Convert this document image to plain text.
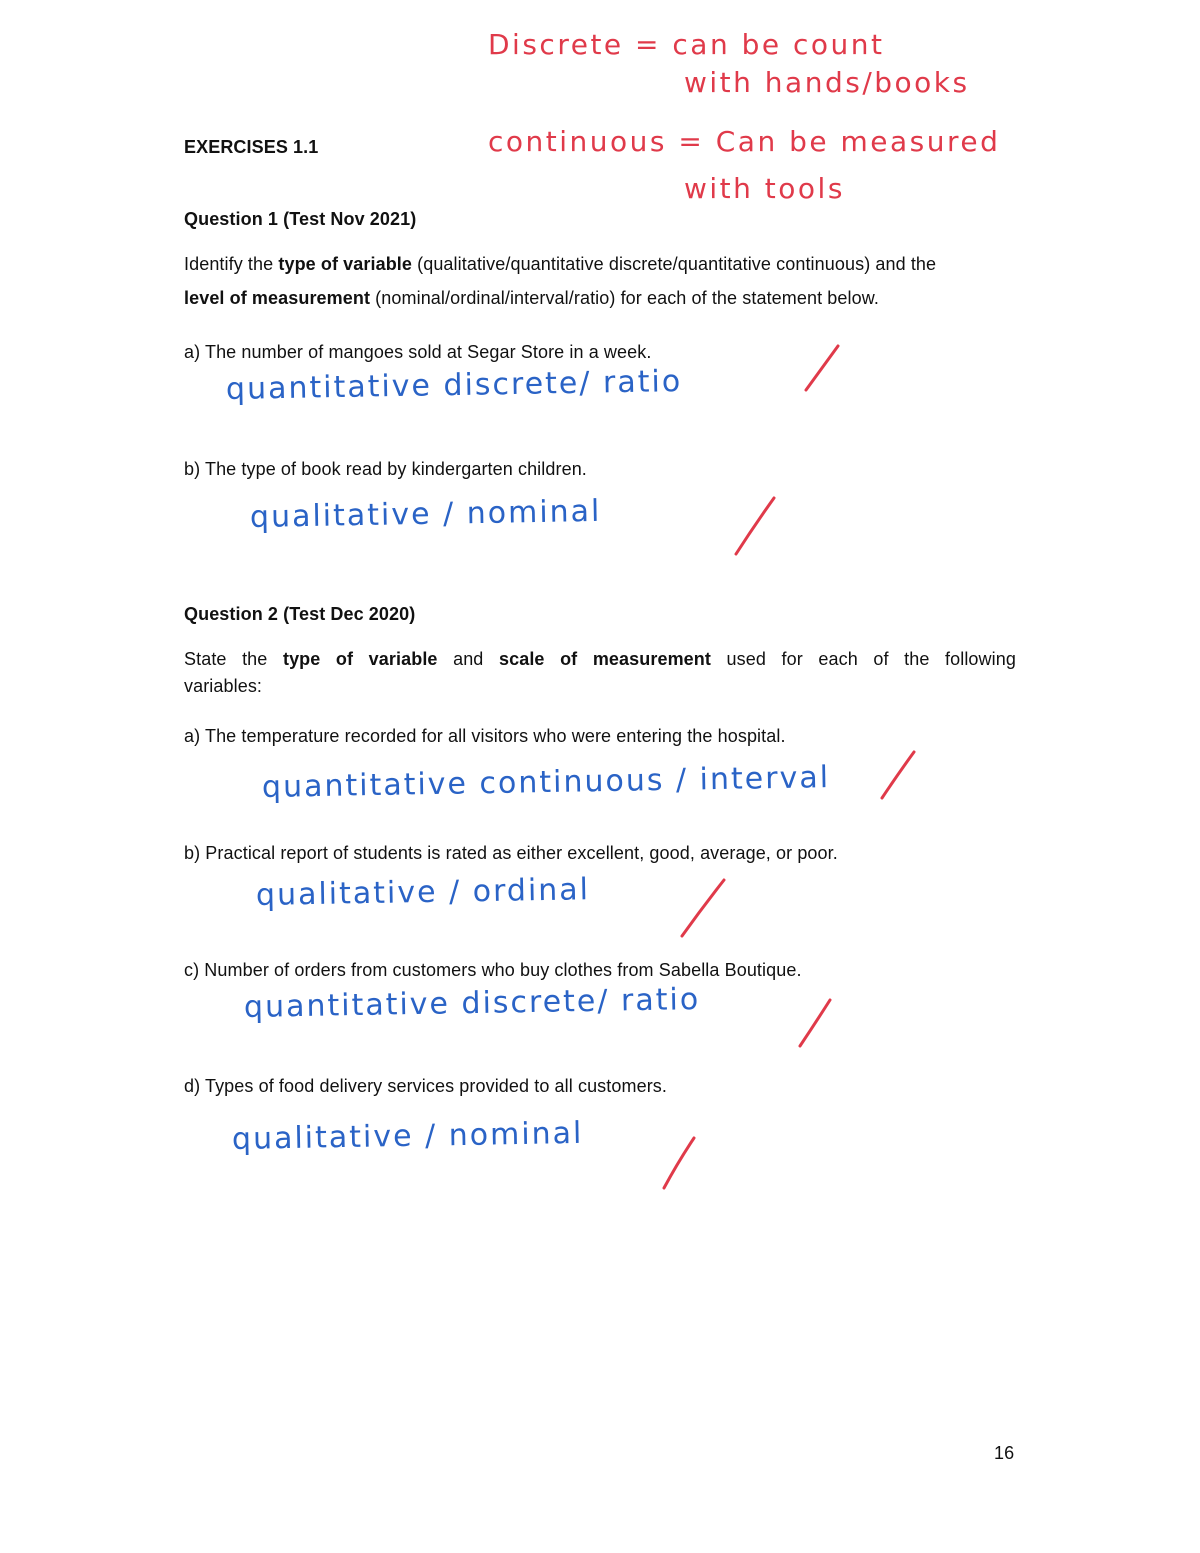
Discrete = can be count
with hands/books
continuous = Can be measured
with tools
EXERCISES 1.1
Question 1 (Test Nov 2021)
Identify the type of variable (qualitative/quantitative discrete/quantitative continuous) and the
level of measurement (nominal/ordinal/interval/ratio) for each of the statement below.
a) The number of mangoes sold at Segar Store in a week.
quantitative discrete/ ratio
b) The type of book read by kindergarten children.
qualitative / nominal
Question 2 (Test Dec 2020)
State the type of variable and scale of measurement used for each of the following
variables:
a) The temperature recorded for all visitors who were entering the hospital.
quantitative continuous / interval
b) Practical report of students is rated as either excellent, good, average, or poor.
qualitative / ordinal
c) Number of orders from customers who buy clothes from Sabella Boutique.
quantitative discrete/ ratio
d) Types of food delivery services provided to all customers.
qualitative / nominal
16
